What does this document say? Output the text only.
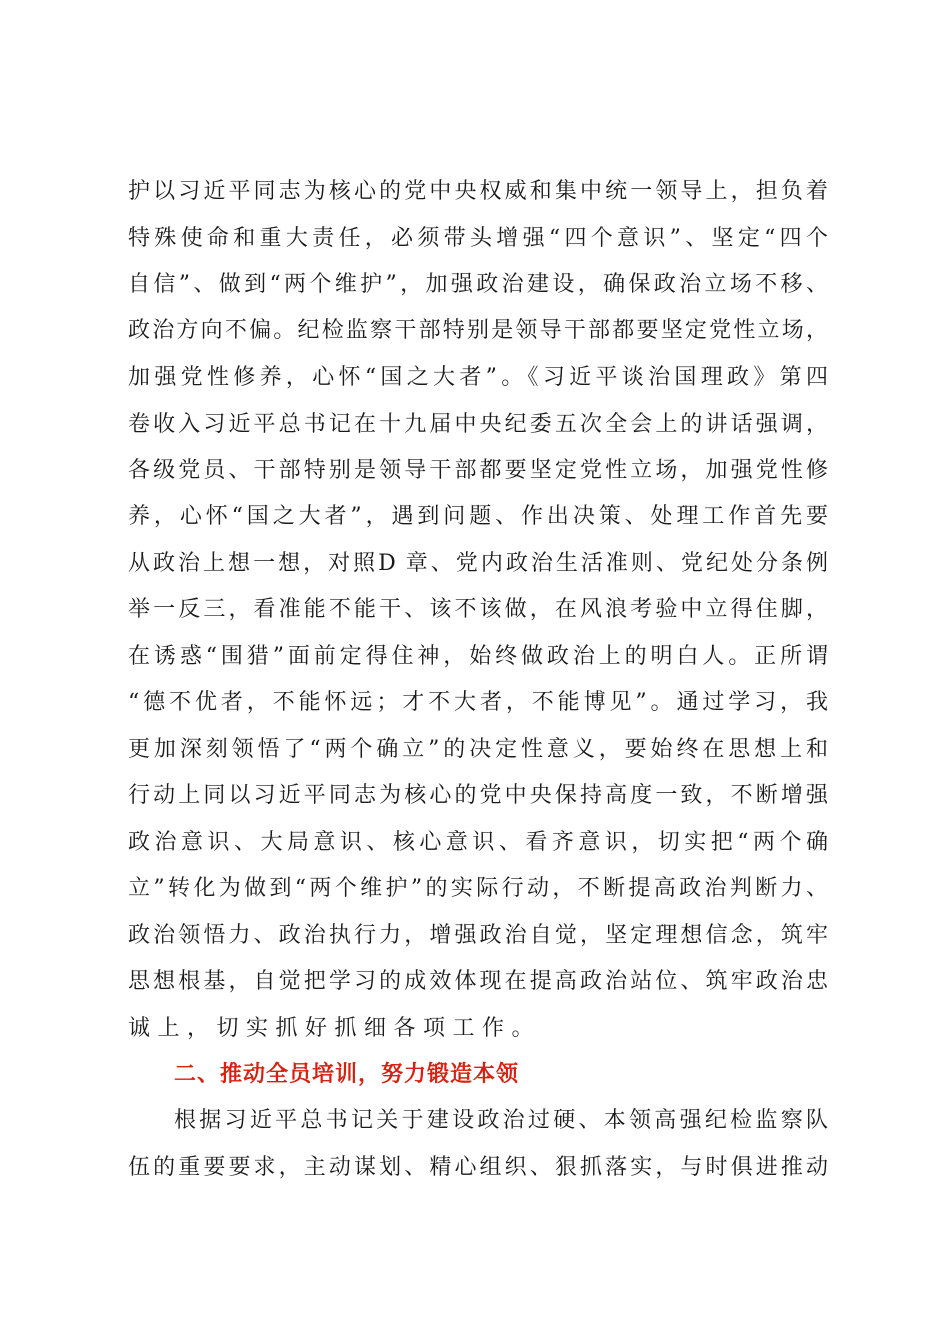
护以习近平同志为核心的党中央权威和集中统一领导上，担负着
特殊使命和重大责任，必须带头增强“四个意识”、坚定“四个
自信”、做到“两个维护”，加强政治建设，确保政治立场不移、
政治方向不偏。纪检监察干部特别是领导干部都要坚定党性立场，
加强党性修养，心怀“国之大者”。《习近平谈治国理政》第四
卷收入习近平总书记在十九届中央纪委五次全会上的讲话强调，
各级党员、干部特别是领导干部都要坚定党性立场，加强党性修
养，心怀“国之大者”，遇到问题、作出决策、处理工作首先要
从政治上想一想，对照D 章、党内政治生活准则、党纪处分条例
举一反三，看准能不能干、该不该做，在风浪考验中立得住脚，
在诱惑“围猎”面前定得住神，始终做政治上的明白人。正所谓
“德不优者，不能怀远；才不大者，不能博见”。通过学习，我
更加深刻领悟了“两个确立”的决定性意义，要始终在思想上和
行动上同以习近平同志为核心的党中央保持高度一致，不断增强
政治意识、大局意识、核心意识、看齐意识，切实把“两个确
立”转化为做到“两个维护”的实际行动，不断提高政治判断力、
政治领悟力、政治执行力，增强政治自觉，坚定理想信念，筑牢
思想根基，自觉把学习的成效体现在提高政治站位、筑牢政治忠
诚上，切实抓好抓细各项工作。
二、推动全员培训，努力锻造本领
根据习近平总书记关于建设政治过硬、本领高强纪检监察队
伍的重要要求，主动谋划、精心组织、狠抓落实，与时俱进推动
